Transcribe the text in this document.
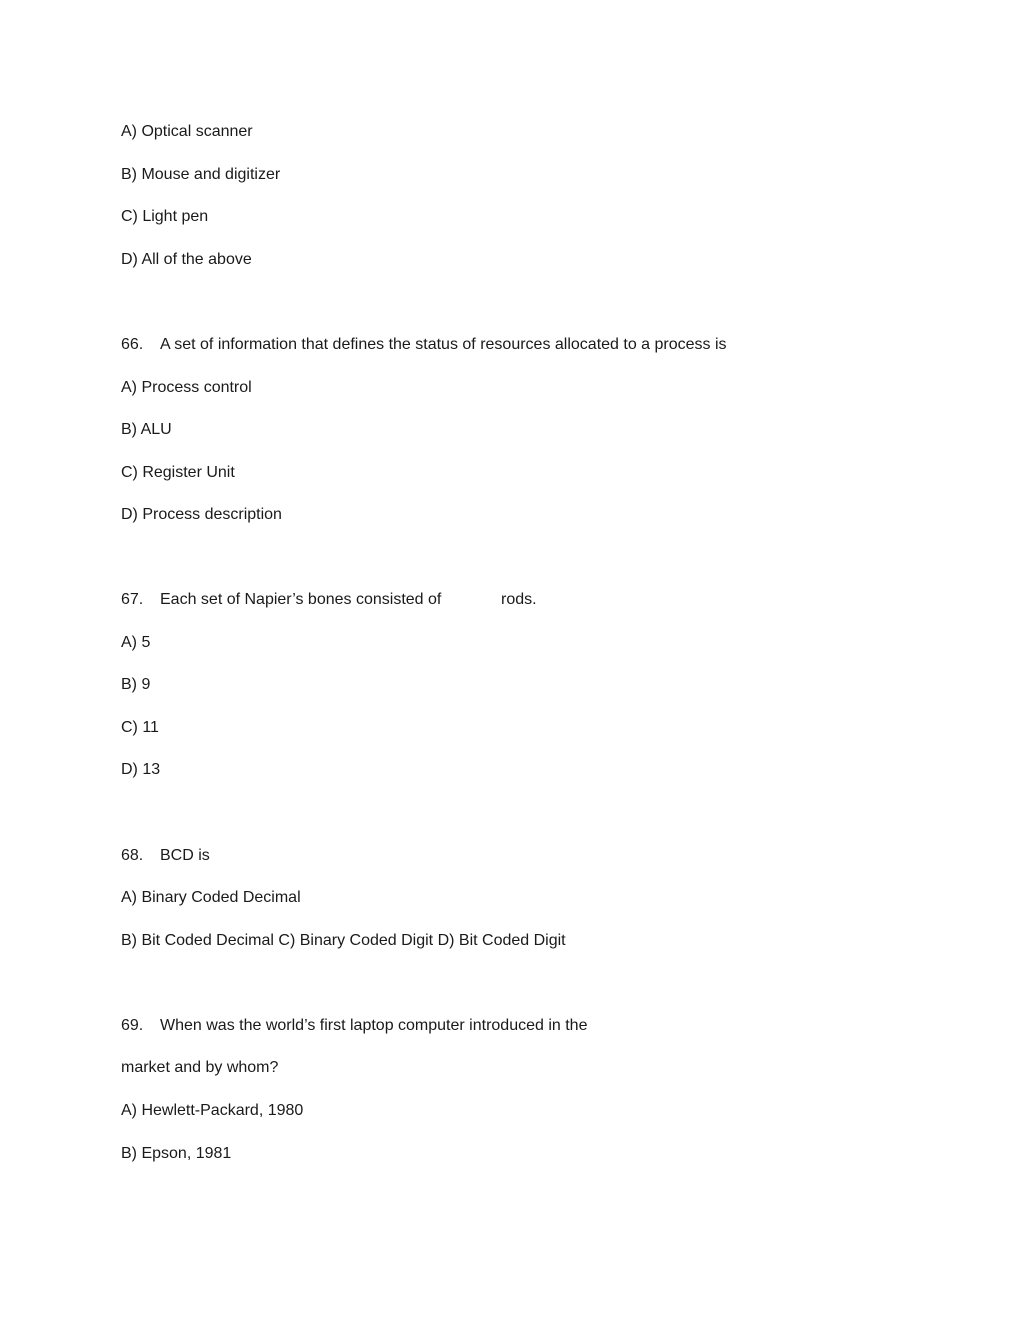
A) Optical scanner
B) Mouse and digitizer
C) Light pen
D) All of the above
66. A set of information that defines the status of resources allocated to a process is
A) Process control
B) ALU
C) Register Unit
D) Process description
67. Each set of Napier’s bones consisted of	rods.
A) 5
B) 9
C) 11
D) 13
68. BCD is
A) Binary Coded Decimal
B) Bit Coded Decimal C) Binary Coded Digit D) Bit Coded Digit
69. When was the world’s first laptop computer introduced in the
market and by whom?
A) Hewlett-Packard, 1980
B) Epson, 1981
